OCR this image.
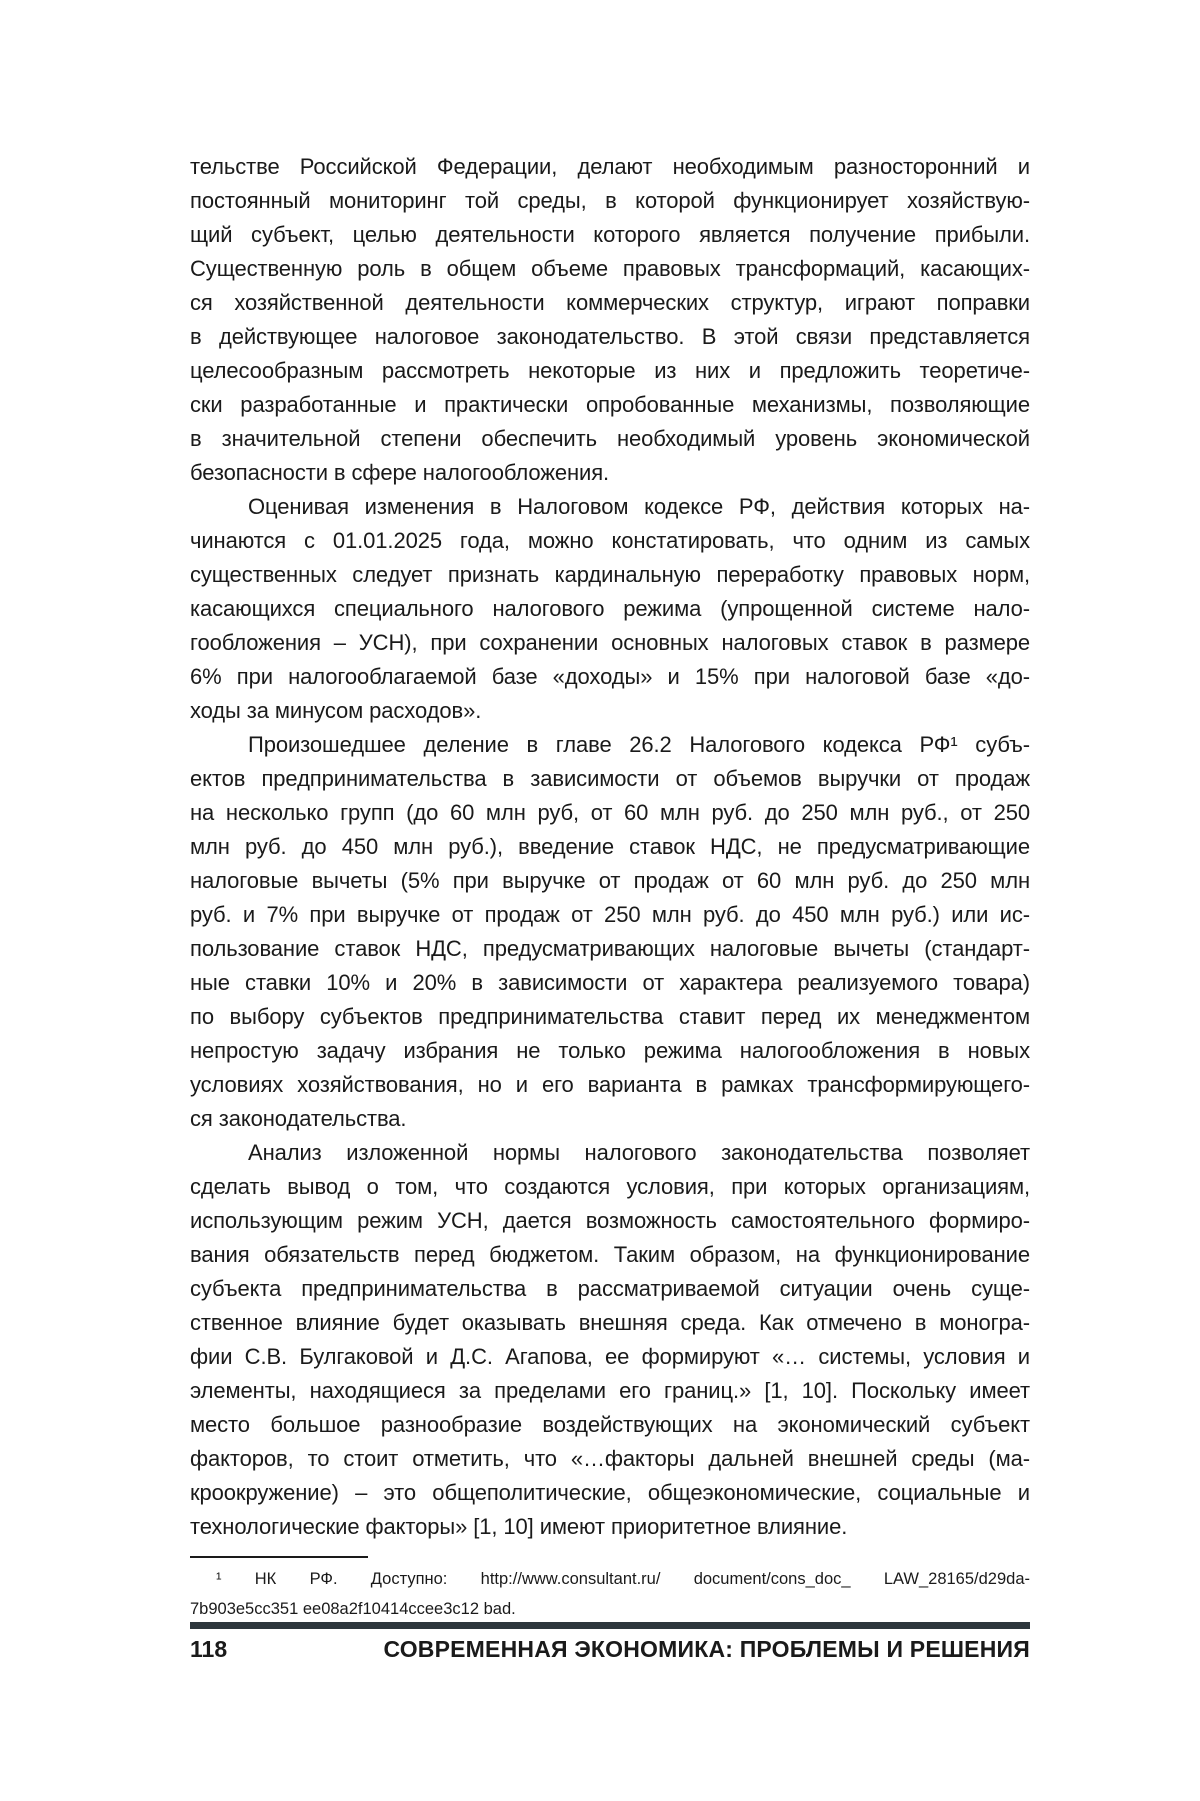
тельстве Российской Федерации, делают необходимым разносторонний и
постоянный мониторинг той среды, в которой функционирует хозяйствую-
щий субъект, целью деятельности которого является получение прибыли.
Существенную роль в общем объеме правовых трансформаций, касающих-
ся хозяйственной деятельности коммерческих структур, играют поправки
в действующее налоговое законодательство. В этой связи представляется
целесообразным рассмотреть некоторые из них и предложить теоретиче-
ски разработанные и практически опробованные механизмы, позволяющие
в значительной степени обеспечить необходимый уровень экономической
безопасности в сфере налогообложения.
Оценивая изменения в Налоговом кодексе РФ, действия которых на-
чинаются с 01.01.2025 года, можно констатировать, что одним из самых
существенных следует признать кардинальную переработку правовых норм,
касающихся специального налогового режима (упрощенной системе нало-
гообложения – УСН), при сохранении основных налоговых ставок в размере
6% при налогооблагаемой базе «доходы» и 15% при налоговой базе «до-
ходы за минусом расходов».
Произошедшее деление в главе 26.2 Налогового кодекса РФ¹ субъ-
ектов предпринимательства в зависимости от объемов выручки от продаж
на несколько групп (до 60 млн руб, от 60 млн руб. до 250 млн руб., от 250
млн руб. до 450 млн руб.), введение ставок НДС, не предусматривающие
налоговые вычеты (5% при выручке от продаж от 60 млн руб. до 250 млн
руб. и 7% при выручке от продаж от 250 млн руб. до 450 млн руб.) или ис-
пользование ставок НДС, предусматривающих налоговые вычеты (стандарт-
ные ставки 10% и 20% в зависимости от характера реализуемого товара)
по выбору субъектов предпринимательства ставит перед их менеджментом
непростую задачу избрания не только режима налогообложения в новых
условиях хозяйствования, но и его варианта в рамках трансформирующего-
ся законодательства.
Анализ изложенной нормы налогового законодательства позволяет
сделать вывод о том, что создаются условия, при которых организациям,
использующим режим УСН, дается возможность самостоятельного формиро-
вания обязательств перед бюджетом. Таким образом, на функционирование
субъекта предпринимательства в рассматриваемой ситуации очень суще-
ственное влияние будет оказывать внешняя среда. Как отмечено в моногра-
фии С.В. Булгаковой и Д.С. Агапова, ее формируют «… системы, условия и
элементы, находящиеся за пределами его границ.» [1, 10]. Поскольку имеет
место большое разнообразие воздействующих на экономический субъект
факторов, то стоит отметить, что «…факторы дальней внешней среды (ма-
кроокружение) – это общеполитические, общеэкономические, социальные и
технологические факторы» [1, 10] имеют приоритетное влияние.
¹ НК РФ. Доступно: http://www.consultant.ru/ document/cons_doc_ LAW_28165/d29da-
7b903e5cc351 ee08a2f10414ccee3c12 bad.
118	СОВРЕМЕННАЯ ЭКОНОМИКА: ПРОБЛЕМЫ И РЕШЕНИЯ
